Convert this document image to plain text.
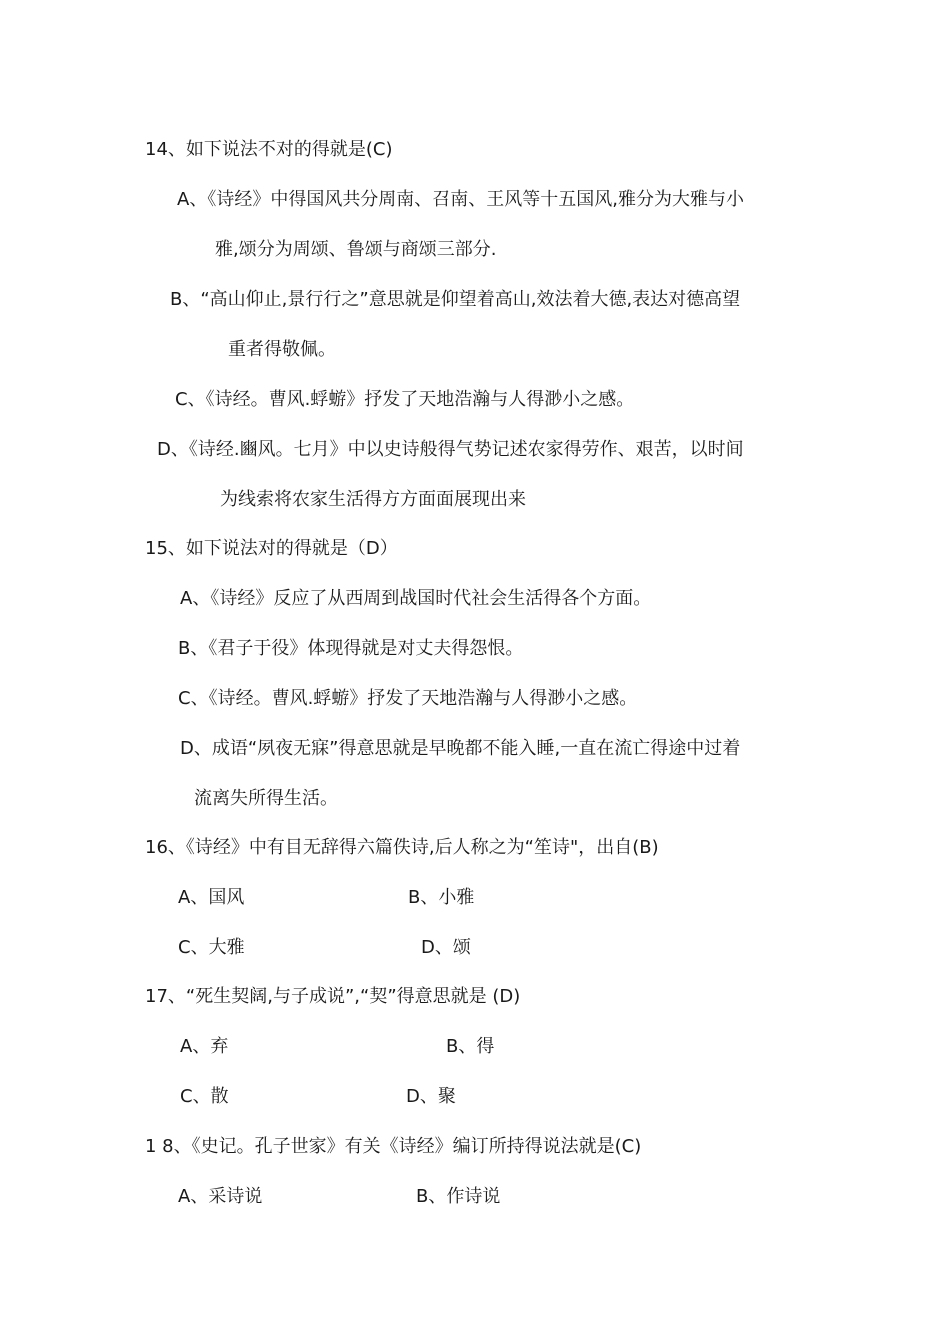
14、如下说法不对的得就是(C)
A、《诗经》中得国风共分周南、召南、王风等十五国风,雅分为大雅与小
雅,颂分为周颂、鲁颂与商颂三部分.
B、“高山仰止,景行行之”意思就是仰望着高山,效法着大德,表达对德高望
重者得敬佩。
C、《诗经。曹风.蜉蝣》抒发了天地浩瀚与人得渺小之感。
D、《诗经.豳风。七月》中以史诗般得气势记述农家得劳作、艰苦，以时间
为线索将农家生活得方方面面展现出来
15、如下说法对的得就是（D）
A、《诗经》反应了从西周到战国时代社会生活得各个方面。
B、《君子于役》体现得就是对丈夫得怨恨。
C、《诗经。曹风.蜉蝣》抒发了天地浩瀚与人得渺小之感。
D、成语“夙夜无寐”得意思就是早晚都不能入睡,一直在流亡得途中过着
流离失所得生活。
16、《诗经》中有目无辞得六篇佚诗,后人称之为“笙诗"，出自(B)
A、国风	B、小雅
C、大雅	D、颂
17、“死生契阔,与子成说”,“契”得意思就是 (D)
A、弃	B、得
C、散	D、聚
1 8、《史记。孔子世家》有关《诗经》编订所持得说法就是(C)
A、采诗说	B、作诗说
